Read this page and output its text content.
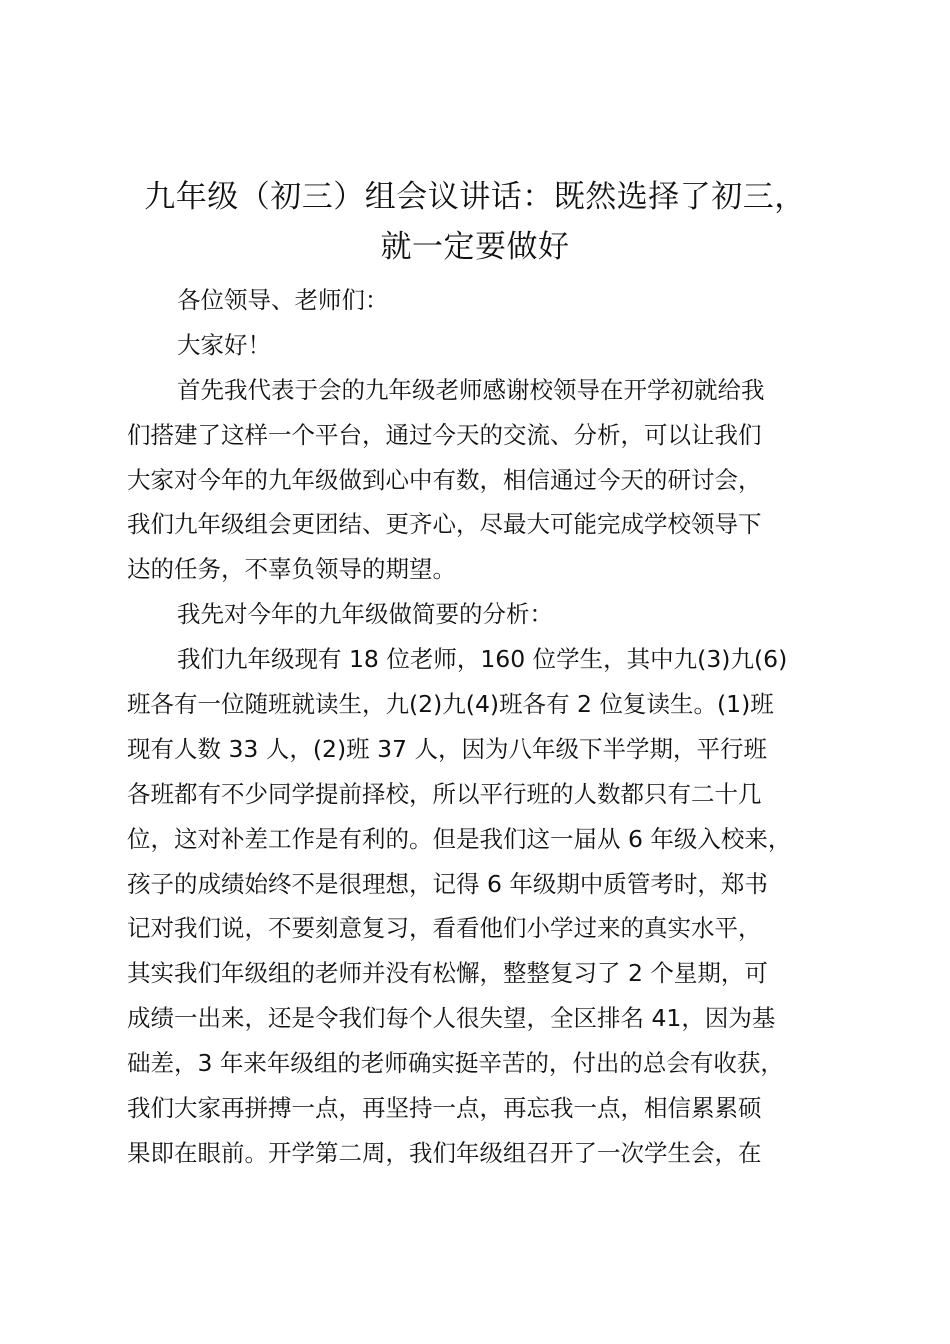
九年级（初三）组会议讲话：既然选择了初三，
就一定要做好
各位领导、老师们：
大家好！
首先我代表于会的九年级老师感谢校领导在开学初就给我
们搭建了这样一个平台，通过今天的交流、分析，可以让我们
大家对今年的九年级做到心中有数，相信通过今天的研讨会，
我们九年级组会更团结、更齐心，尽最大可能完成学校领导下
达的任务，不辜负领导的期望。
我先对今年的九年级做简要的分析：
我们九年级现有 18 位老师，160 位学生，其中九(3)九(6)
班各有一位随班就读生，九(2)九(4)班各有 2 位复读生。(1)班
现有人数 33 人，(2)班 37 人，因为八年级下半学期，平行班
各班都有不少同学提前择校，所以平行班的人数都只有二十几
位，这对补差工作是有利的。但是我们这一届从 6 年级入校来，
孩子的成绩始终不是很理想，记得 6 年级期中质管考时，郑书
记对我们说，不要刻意复习，看看他们小学过来的真实水平，
其实我们年级组的老师并没有松懈，整整复习了 2 个星期，可
成绩一出来，还是令我们每个人很失望，全区排名 41，因为基
础差，3 年来年级组的老师确实挺辛苦的，付出的总会有收获，
我们大家再拼搏一点，再坚持一点，再忘我一点，相信累累硕
果即在眼前。开学第二周，我们年级组召开了一次学生会，在
